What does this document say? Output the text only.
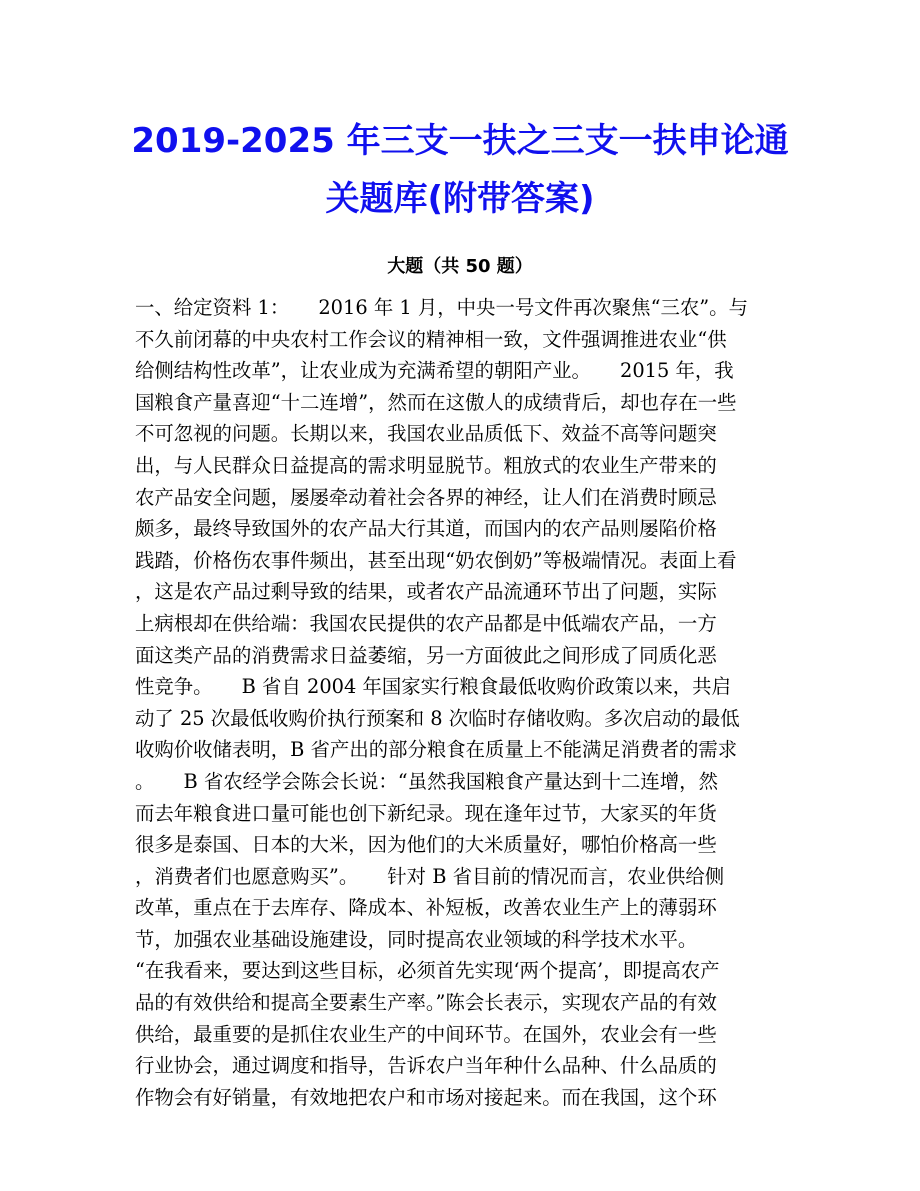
2019-2025 年三支一扶之三支一扶申论通
关题库(附带答案)
大题（共 50 题）
一、给定资料 1：　　2016 年 1 月，中央一号文件再次聚焦“三农”。与
不久前闭幕的中央农村工作会议的精神相一致，文件强调推进农业“供
给侧结构性改革”，让农业成为充满希望的朝阳产业。　　2015 年，我
国粮食产量喜迎“十二连增”，然而在这傲人的成绩背后，却也存在一些
不可忽视的问题。长期以来，我国农业品质低下、效益不高等问题突
出，与人民群众日益提高的需求明显脱节。粗放式的农业生产带来的
农产品安全问题，屡屡牵动着社会各界的神经，让人们在消费时顾忌
颇多，最终导致国外的农产品大行其道，而国内的农产品则屡陷价格
践踏，价格伤农事件频出，甚至出现“奶农倒奶”等极端情况。表面上看
，这是农产品过剩导致的结果，或者农产品流通环节出了问题，实际
上病根却在供给端：我国农民提供的农产品都是中低端农产品，一方
面这类产品的消费需求日益萎缩，另一方面彼此之间形成了同质化恶
性竞争。　　B 省自 2004 年国家实行粮食最低收购价政策以来，共启
动了 25 次最低收购价执行预案和 8 次临时存储收购。多次启动的最低
收购价收储表明，B 省产出的部分粮食在质量上不能满足消费者的需求
。　　B 省农经学会陈会长说：“虽然我国粮食产量达到十二连增，然
而去年粮食进口量可能也创下新纪录。现在逢年过节，大家买的年货
很多是泰国、日本的大米，因为他们的大米质量好，哪怕价格高一些
，消费者们也愿意购买”。　　针对 B 省目前的情况而言，农业供给侧
改革，重点在于去库存、降成本、补短板，改善农业生产上的薄弱环
节，加强农业基础设施建设，同时提高农业领域的科学技术水平。
“在我看来，要达到这些目标，必须首先实现‘两个提高’，即提高农产
品的有效供给和提高全要素生产率。”陈会长表示，实现农产品的有效
供给，最重要的是抓住农业生产的中间环节。在国外，农业会有一些
行业协会，通过调度和指导，告诉农户当年种什么品种、什么品质的
作物会有好销量，有效地把农户和市场对接起来。而在我国，这个环
